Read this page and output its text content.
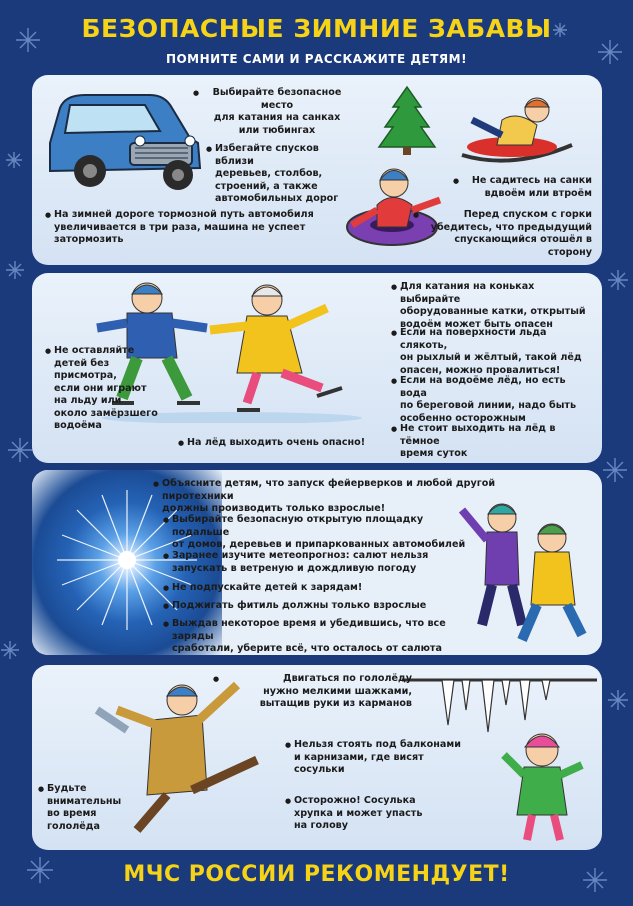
БЕЗОПАСНЫЕ ЗИМНИЕ ЗАБАВЫ
ПОМНИТЕ САМИ И РАССКАЖИТЕ ДЕТЯМ!
● Выбирайте безопасное место
для катания на санках
или тюбингах
● Избегайте спусков вблизи
деревьев, столбов,
строений, а также
автомобильных дорог
● На зимней дороге тормозной путь автомобиля
увеличивается в три раза, машина не успеет
затормозить
● Не садитесь на санки
вдвоём или втроём
● Перед спуском с горки
убедитесь, что предыдущий
спускающийся отошёл в сторону
● Не оставляйте
детей без
присмотра,
если они играют
на льду или
около замёрзшего
водоёма
● На лёд выходить очень опасно!
● Для катания на коньках выбирайте
оборудованные катки, открытый
водоём может быть опасен
● Если на поверхности льда слякоть,
он рыхлый и жёлтый, такой лёд
опасен, можно провалиться!
● Если на водоёме лёд, но есть вода
по береговой линии, надо быть
особенно осторожным
● Не стоит выходить на лёд в тёмное
время суток
● Объясните детям, что запуск фейерверков и любой другой пиротехники
должны производить только взрослые!
● Выбирайте безопасную открытую площадку подальше
от домов, деревьев и припаркованных автомобилей
● Заранее изучите метеопрогноз: салют нельзя
запускать в ветреную и дождливую погоду
● Не подпускайте детей к зарядам!
● Поджигать фитиль должны только взрослые
● Выждав некоторое время и убедившись, что все заряды
сработали, уберите всё, что осталось от салюта
● Двигаться по гололёду
нужно мелкими шажками,
вытащив руки из карманов
● Будьте
внимательны
во время гололёда
● Нельзя стоять под балконами
и карнизами, где висят
сосульки
● Осторожно! Сосулька
хрупка и может упасть
на голову
МЧС РОССИИ РЕКОМЕНДУЕТ!
